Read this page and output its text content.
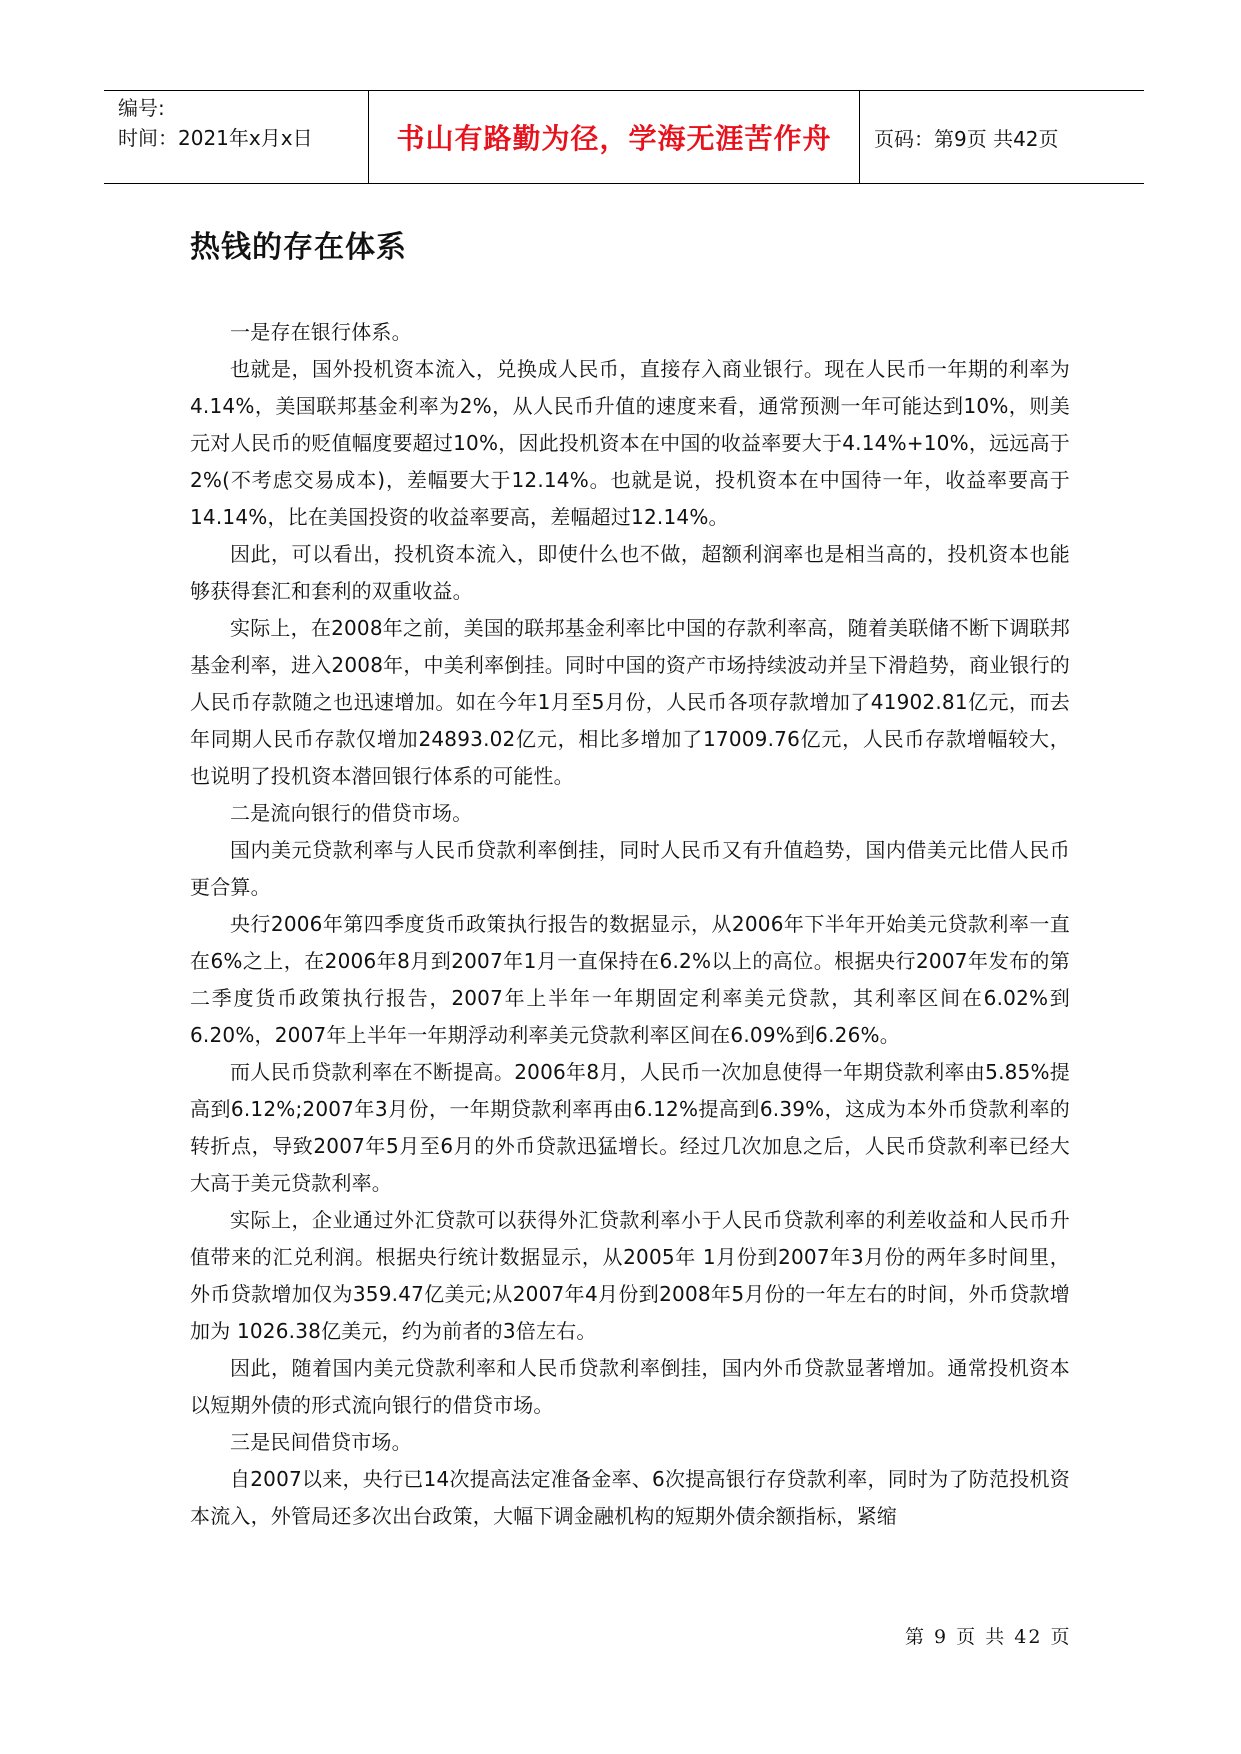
编号:
时间：2021年x月x日	书山有路勤为径，学海无涯苦作舟	页码：第9页 共42页
热钱的存在体系

一是存在银行体系。

也就是，国外投机资本流入，兑换成人民币，直接存入商业银行。现在人民币一年期的利率为4.14%，美国联邦基金利率为2%，从人民币升值的速度来看，通常预测一年可能达到10%，则美元对人民币的贬值幅度要超过10%，因此投机资本在中国的收益率要大于4.14%+10%，远远高于2%(不考虑交易成本)，差幅要大于12.14%。也就是说，投机资本在中国待一年，收益率要高于14.14%，比在美国投资的收益率要高，差幅超过12.14%。

因此，可以看出，投机资本流入，即使什么也不做，超额利润率也是相当高的，投机资本也能够获得套汇和套利的双重收益。

实际上，在2008年之前，美国的联邦基金利率比中国的存款利率高，随着美联储不断下调联邦基金利率，进入2008年，中美利率倒挂。同时中国的资产市场持续波动并呈下滑趋势，商业银行的人民币存款随之也迅速增加。如在今年1月至5月份，人民币各项存款增加了41902.81亿元，而去年同期人民币存款仅增加24893.02亿元，相比多增加了17009.76亿元，人民币存款增幅较大，也说明了投机资本潜回银行体系的可能性。

二是流向银行的借贷市场。

国内美元贷款利率与人民币贷款利率倒挂，同时人民币又有升值趋势，国内借美元比借人民币更合算。

央行2006年第四季度货币政策执行报告的数据显示，从2006年下半年开始美元贷款利率一直在6%之上，在2006年8月到2007年1月一直保持在6.2%以上的高位。根据央行2007年发布的第二季度货币政策执行报告，2007年上半年一年期固定利率美元贷款，其利率区间在6.02%到 6.20%，2007年上半年一年期浮动利率美元贷款利率区间在6.09%到6.26%。

而人民币贷款利率在不断提高。2006年8月，人民币一次加息使得一年期贷款利率由5.85%提高到6.12%;2007年3月份，一年期贷款利率再由6.12%提高到6.39%，这成为本外币贷款利率的转折点，导致2007年5月至6月的外币贷款迅猛增长。经过几次加息之后，人民币贷款利率已经大大高于美元贷款利率。

实际上，企业通过外汇贷款可以获得外汇贷款利率小于人民币贷款利率的利差收益和人民币升值带来的汇兑利润。根据央行统计数据显示，从2005年 1月份到2007年3月份的两年多时间里，外币贷款增加仅为359.47亿美元;从2007年4月份到2008年5月份的一年左右的时间，外币贷款增加为 1026.38亿美元，约为前者的3倍左右。

因此，随着国内美元贷款利率和人民币贷款利率倒挂，国内外币贷款显著增加。通常投机资本以短期外债的形式流向银行的借贷市场。

三是民间借贷市场。

自2007以来，央行已14次提高法定准备金率、6次提高银行存贷款利率，同时为了防范投机资本流入，外管局还多次出台政策，大幅下调金融机构的短期外债余额指标，紧缩

第 9 页 共 42 页
